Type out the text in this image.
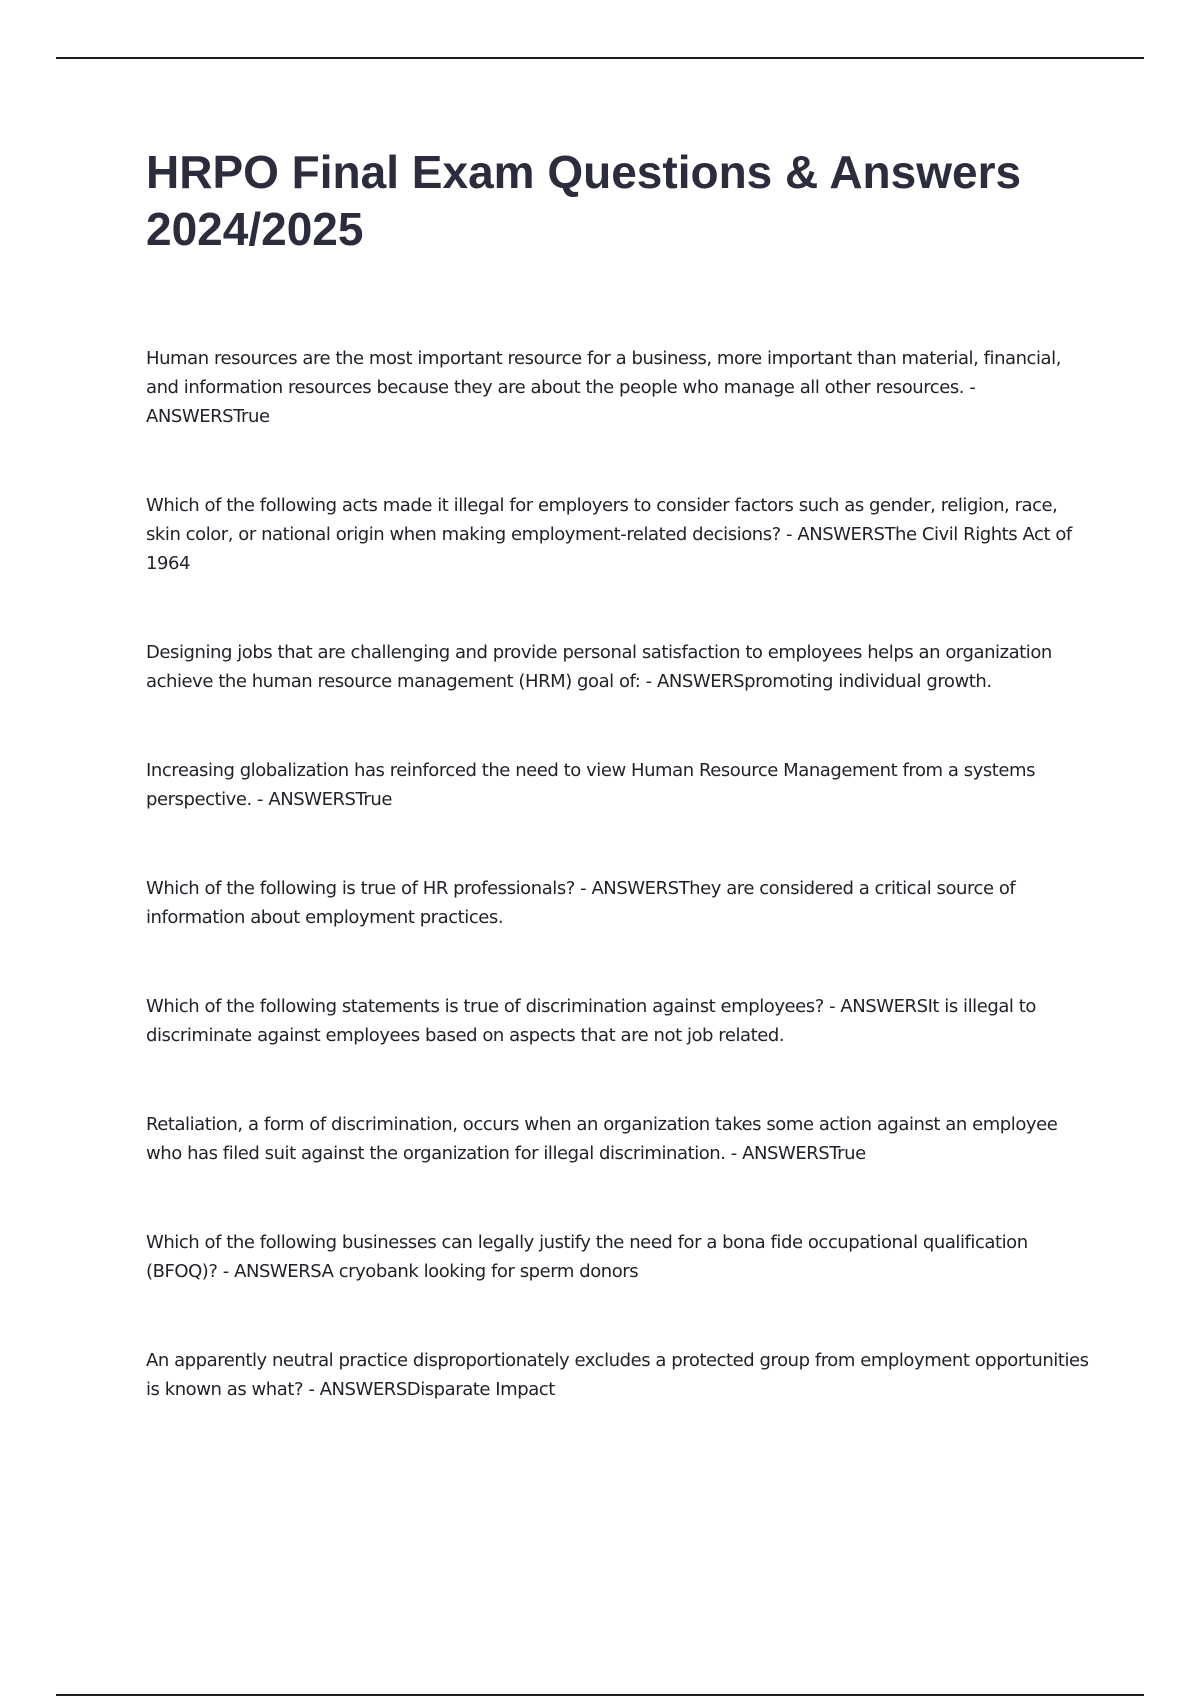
HRPO Final Exam Questions & Answers 2024/2025
Human resources are the most important resource for a business, more important than material, financial, and information resources because they are about the people who manage all other resources. - ANSWERSTrue
Which of the following acts made it illegal for employers to consider factors such as gender, religion, race, skin color, or national origin when making employment-related decisions? - ANSWERSThe Civil Rights Act of 1964
Designing jobs that are challenging and provide personal satisfaction to employees helps an organization achieve the human resource management (HRM) goal of: - ANSWERSpromoting individual growth.
Increasing globalization has reinforced the need to view Human Resource Management from a systems perspective. - ANSWERSTrue
Which of the following is true of HR professionals? - ANSWERSThey are considered a critical source of information about employment practices.
Which of the following statements is true of discrimination against employees? - ANSWERSIt is illegal to discriminate against employees based on aspects that are not job related.
Retaliation, a form of discrimination, occurs when an organization takes some action against an employee who has filed suit against the organization for illegal discrimination. - ANSWERSTrue
Which of the following businesses can legally justify the need for a bona fide occupational qualification (BFOQ)? - ANSWERSA cryobank looking for sperm donors
An apparently neutral practice disproportionately excludes a protected group from employment opportunities is known as what? - ANSWERSDisparate Impact
